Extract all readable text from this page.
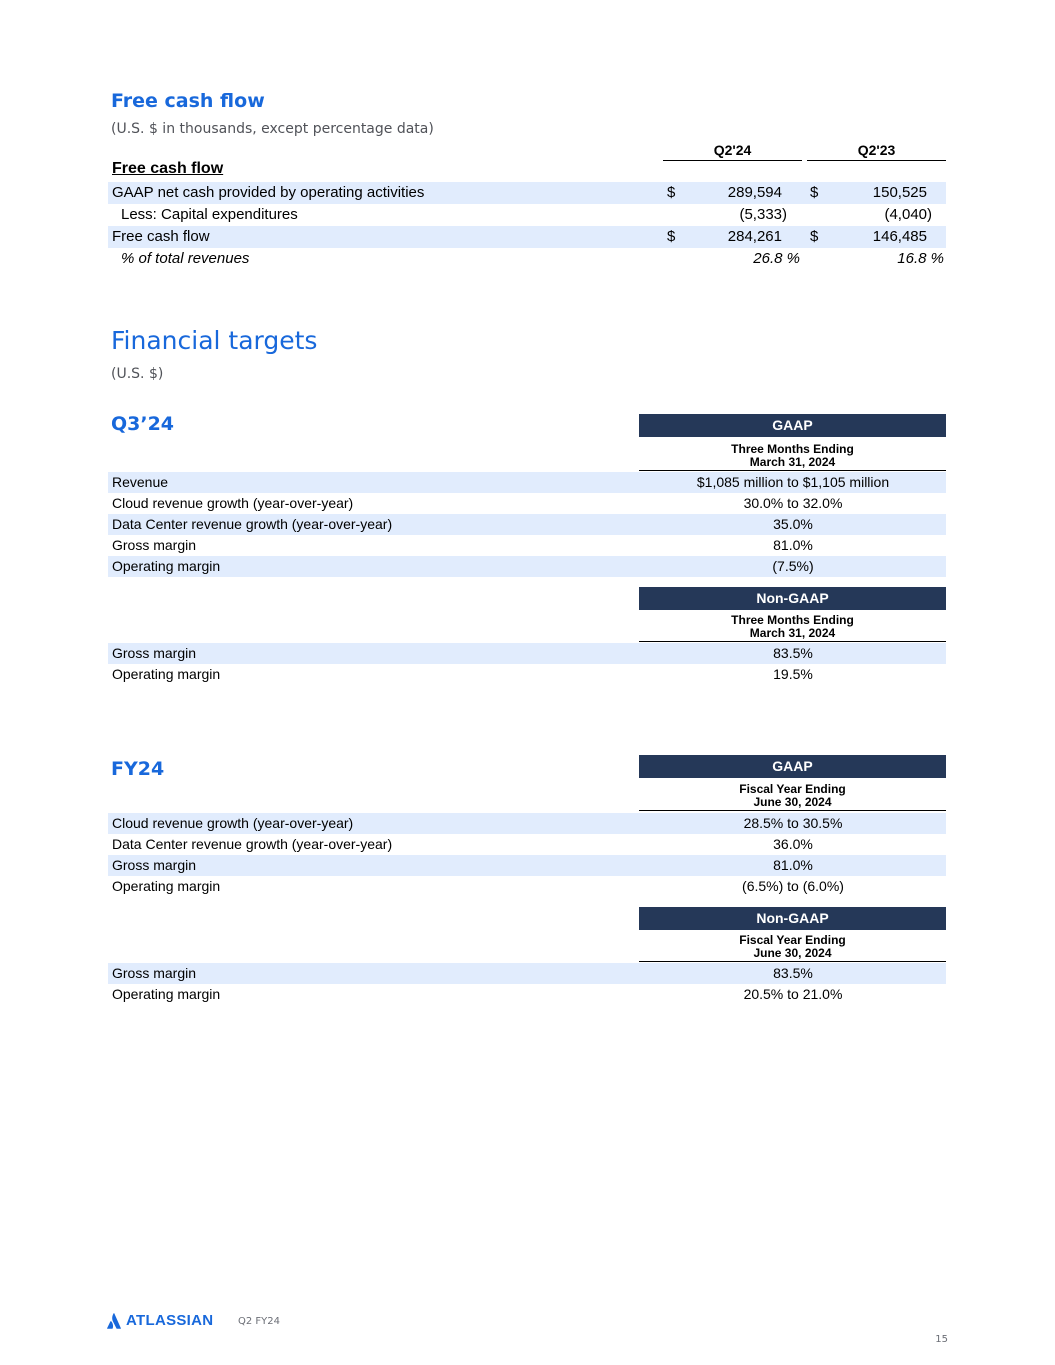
Free cash flow
(U.S. $ in thousands, except percentage data)
Q2'24	Q2'23
Free cash flow
GAAP net cash provided by operating activities	$	289,594 $	150,525
Less: Capital expenditures	(5,333)	(4,040)
Free cash flow	$	284,261 $	146,485
% of total revenues	26.8 %	16.8 %
Financial targets
(U.S. $)
Q3’24	GAAP
Three Months Ending
March 31, 2024
Revenue	$1,085 million to $1,105 million
Cloud revenue growth (year-over-year)	30.0% to 32.0%
Data Center revenue growth (year-over-year)	35.0%
Gross margin	81.0%
Operating margin	(7.5%)
Non-GAAP
Three Months Ending
March 31, 2024
Gross margin	83.5%
Operating margin	19.5%
FY24	GAAP
Fiscal Year Ending
June 30, 2024
Cloud revenue growth (year-over-year)	28.5% to 30.5%
Data Center revenue growth (year-over-year)	36.0%
Gross margin	81.0%
Operating margin	(6.5%) to (6.0%)
Non-GAAP
Fiscal Year Ending
June 30, 2024
Gross margin	83.5%
Operating margin	20.5% to 21.0%
ATLASSIAN Q2 FY24
15
